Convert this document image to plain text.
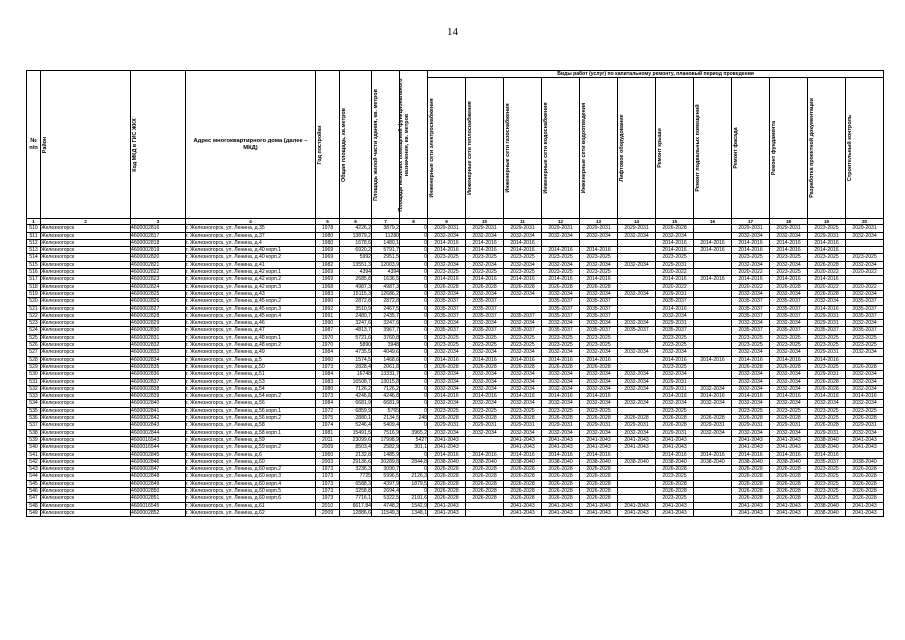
14
№ п/п	Район	Код МКД в ГИС ЖКХ	Адрес многоквартирного дома (далее – МКД)	Год постройки	Общая площадь, кв.метров	Площадь жилой части здания, кв. метров	Площадь нежилых помещений функционального назначения, кв. метров	Виды работ (услуг) по капитальному ремонту, плановый период проведения											

								Инженерные сети электроснабжения	Инженерные сети теплоснабжения	Инженерные сети газоснабжения	Инженерные сети водоснабжения	Инженерные сети водоотведения	Лифтовое оборудование	Ремонт крыши	Ремонт подвальных помещений	Ремонт фасада	Ремонт фундамента	Разработка проектной документации	Строительный контроль

1	2	3	4	5	6	7	8	9	10	11	12	13	14	15	16	17	18	19	20
510	Железногорск	4600002816	г. Железногорск, ул. Ленина, д.35	1978	4226,2	3879,2	0	2029-2031	2029-2031	2029-2031	2029-2031	2029-2031	2029-2031	2026-2028		2029-2031	2029-2031	2023-2025	2029-2031
511	Железногорск	4600002817	г. Железногорск, ул. Ленина, д.37	1980	13879,2	11280	0	2032-2034	2032-2034	2032-2034	2032-2034	2032-2034	2032-2034	2032-2034		2032-2034	2032-2034	2029-2031	2032-2034
512	Железногорск	4600002818	г. Железногорск, ул. Ленина, д.4	1980	1678,6	1480,1	0	2014-2016	2014-2016	2014-2016				2014-2016	2014-2016	2014-2016	2014-2016	2014-2016	
513	Железногорск	4600002819	г. Железногорск, ул. Ленина, д.40 корп.1	1969	6920,2	5791,7	0	2014-2016	2014-2016	2014-2016	2014-2016	2014-2016		2014-2016	2014-2016	2014-2016	2014-2016	2014-2016	
514	Железногорск	4600002820	г. Железногорск, ул. Ленина, д.40 корп.2	1969	5992	2951,5	0	2023-2025	2023-2025	2023-2025	2023-2025	2023-2025		2023-2025		2023-2025	2023-2025	2023-2025	2023-2025
515	Железногорск	4600002821	г. Железногорск, ул. Ленина, д.41	1982	13551,3	12003,9	0	2032-2034	2032-2034	2032-2034	2032-2034	2032-2034	2032-2034	2029-2031		2032-2034	2032-2034	2026-2028	2032-2034
516	Железногорск	4600002822	г. Железногорск, ул. Ленина, д.42 корп.1	1969	4394	4394	0	2023-2025	2023-2025	2023-2025	2023-2025	2023-2025		2020-2022		2020-2022	2023-2025	2020-2022	2020-2022
517	Железногорск	4600002823	г. Железногорск, ул. Ленина, д.42 корп.2	1969	2685,8	1636,5	0	2014-2016	2014-2016	2014-2016	2014-2016	2014-2016		2014-2016	2014-2016	2014-2016	2014-2016	2014-2016	
518	Железногорск	4600002824	г. Железногорск, ул. Ленина, д.42 корп.3	1968	4987,3	4987,3	0	2026-2028	2026-2028	2026-2028	2026-2028	2026-2028		2020-2022		2020-2022	2026-2028	2020-2022	2020-2022
519	Железногорск	4600002825	г. Железногорск, ул. Ленина, д.43	1983	15115,3	12686,2	0	2032-2034	2032-2034	2032-2034	2032-2034	2032-2034	2032-2034	2029-2031		2032-2034	2032-2034	2026-2028	2032-2034
520	Железногорск	4600002826	г. Железногорск, ул. Ленина, д.45 корп.2	1990	2872,8	2872,8	0	2035-2037	2035-2037		2035-2037	2035-2037		2035-2037		2035-2037	2035-2037	2032-2034	2035-2037
521	Железногорск	4600002827	г. Железногорск, ул. Ленина, д.45 корп.3	1992	3510,9	2467,5	0	2035-2037	2035-2037		2035-2037	2035-2037		2014-2016		2035-2037	2035-2037	2014-2016	2035-2037
522	Железногорск	4600002828	г. Железногорск, ул. Ленина, д.45 корп.4	1991	2480,7	2435,7	0	2035-2037	2035-2037	2035-2037	2035-2037	2035-2037		2032-2034		2035-2037	2035-2037	2029-2031	2035-2037
523	Железногорск	4600002829	г. Железногорск, ул. Ленина, д.46	1990	3247,6	3247,6	0	2032-2034	2032-2034	2032-2034	2032-2034	2032-2034	2032-2034	2029-2031		2032-2034	2032-2034	2029-2031	2032-2034
524	Железногорск	4600002830	г. Железногорск, ул. Ленина, д.47	1987	4813,7	3967,7	0	2035-2037	2035-2037	2035-2037	2035-2037	2035-2037	2035-2037	2035-2037		2035-2037	2035-2037	2035-2037	2035-2037
525	Железногорск	4600002831	г. Железногорск, ул. Ленина, д.48 корп.1	1970	5721,6	3760,8	0	2023-2025	2023-2025	2023-2025	2023-2025	2023-2025		2023-2025		2023-2025	2023-2025	2023-2025	2023-2025
526	Железногорск	4600002832	г. Железногорск, ул. Ленина, д.48 корп.2	1970	5890	3948	0	2023-2025	2023-2025	2023-2025	2023-2025	2023-2025		2023-2025		2023-2025	2023-2025	2023-2025	2023-2025
527	Железногорск	4600002833	г. Железногорск, ул. Ленина, д.49	1984	4735,5	4049,6	0	2032-2034	2032-2034	2032-2034	2032-2034	2032-2034	2032-2034	2032-2034		2032-2034	2032-2034	2029-2031	2032-2034
528	Железногорск	4600002834	г. Железногорск, ул. Ленина, д.5	1960	1574,5	1468,6	0	2014-2016	2014-2016	2014-2016	2014-2016	2014-2016		2014-2016	2014-2016	2014-2016	2014-2016	2014-2016	
529	Железногорск	4600002835	г. Железногорск, ул. Ленина, д.50	1973	2828,4	2061,8	0	2026-2028	2026-2028	2026-2028	2026-2028	2026-2028		2023-2025		2026-2028	2026-2028	2023-2025	2026-2028
530	Железногорск	4600002836	г. Железногорск, ул. Ленина, д.51	1984	16748	13331,7	0	2032-2034	2032-2034	2032-2034	2032-2034	2032-2034	2032-2034	2032-2034		2032-2034	2032-2034	2029-2031	2032-2034
531	Железногорск	4600002837	г. Железногорск, ул. Ленина, д.53	1983	16508,7	13015,8	0	2032-2034	2032-2034	2032-2034	2032-2034	2032-2034	2032-2034	2029-2031		2032-2034	2032-2034	2026-2028	2032-2034
532	Железногорск	4600002838	г. Железногорск, ул. Ленина, д.54	1980	7126,2	7126,2	0	2032-2034	2032-2034	2032-2034	2032-2034	2032-2034	2032-2034	2029-2031	2032-2034	2032-2034	2032-2034	2026-2028	2032-2034
533	Железногорск	4600002839	г. Железногорск, ул. Ленина, д.54 корп.2	1973	4246,8	4246,8	0	2014-2016	2014-2016	2014-2016	2014-2016	2014-2016		2014-2016	2014-2016	2014-2016	2014-2016	2014-2016	2014-2016
534	Железногорск	4600002840	г. Железногорск, ул. Ленина, д.56	1984	6681,9	6681,9	0	2032-2034	2032-2034	2032-2034	2032-2034	2032-2034	2032-2034	2032-2034	2032-2034	2032-2034	2032-2034	2032-2034	2032-2034
535	Железногорск	4600002841	г. Железногорск, ул. Ленина, д.56 корп.1	1972	6859,9	5765	0	2023-2025	2023-2025	2023-2025	2023-2025	2023-2025		2023-2025		2023-2025	2023-2025	2023-2025	2023-2025
536	Железногорск	4600002842	г. Железногорск, ул. Ленина, д.56 корп.2	1975	2880,1	2134,5	248	2026-2028	2026-2028	2026-2028	2026-2028	2026-2028	2026-2028	2026-2028	2026-2028	2026-2028	2026-2028	2023-2025	2026-2028
537	Железногорск	4600002843	г. Железногорск, ул. Ленина, д.58	1974	5246,4	5409,4	0	2029-2031	2029-2031	2029-2031	2029-2031	2029-2031	2029-2031	2026-2028	2029-2031	2029-2031	2029-2031	2026-2028	2029-2031
538	Железногорск	4600002844	г. Железногорск, ул. Ленина, д.58 корп.1	1981	15491,5	7516,9	3965,2	2032-2034	2032-2034	2032-2034	2032-2034	2032-2034	2032-2034	2029-2031	2032-2034	2032-2034	2032-2034	2029-2031	2032-2034
539	Железногорск	4600016543	г. Железногорск, ул. Ленина, д.59	2011	23099,6	17998,9	5427	2041-2043		2041-2043	2041-2043	2041-2043	2041-2043	2041-2043		2041-2043	2041-2043	2038-2040	2041-2043
540	Железногорск	4600016544	г. Железногорск, ул. Ленина, д.59 корп.2	2009	8503,4	2582,9	301,1	2041-2043		2041-2043	2041-2043	2041-2043	2041-2043	2041-2043		2041-2043	2041-2043	2038-2040	2041-2043
541	Железногорск	4600002845	г. Железногорск, ул. Ленина, д.6	1960	2132,8	1485,9	0	2014-2016	2014-2016	2014-2016	2014-2016	2014-2016		2014-2016	2014-2016	2014-2016	2014-2016	2014-2016	
542	Железногорск	4600002846	г. Железногорск, ул. Ленина, д.60	2003	29136,6	20289,8	2844,8	2038-2040	2038-2040	2038-2040	2038-2040	2038-2040	2038-2040	2038-2040	2038-2040	2038-2040	2038-2040	2035-2037	2038-2040
543	Железногорск	4600002847	г. Железногорск, ул. Ленина, д.60 корп.2	1973	3236,3	3090,7	0	2026-2028	2026-2028	2026-2028	2026-2028	2026-2028		2026-2028		2026-2028	2026-2028	2023-2025	2026-2028
544	Железногорск	4600002848	г. Железногорск, ул. Ленина, д.60 корп.3	1973	7725	5996,5	2126,3	2026-2028	2026-2028	2026-2028	2026-2028	2026-2028		2023-2025		2026-2028	2026-2028	2023-2025	2026-2028
545	Железногорск	4600002849	г. Железногорск, ул. Ленина, д.60 корп.4	1973	6588,3	4397,9	1879,5	2026-2028	2026-2028	2026-2028	2026-2028	2026-2028		2026-2028		2026-2028	2026-2028	2023-2025	2026-2028
546	Железногорск	4600002850	г. Железногорск, ул. Ленина, д.60 корп.5	1973	3258,8	2694,4	0	2026-2028	2026-2028	2026-2028	2026-2028	2026-2028		2026-2028		2026-2028	2026-2028	2023-2025	2026-2028
547	Железногорск	4600002851	г. Железногорск, ул. Ленина, д.60 корп.6	1973	7716,1	5322,5	2191,6	2026-2028	2026-2028	2026-2028	2026-2028	2026-2028		2023-2025		2026-2028	2026-2028	2023-2025	2026-2028
548	Железногорск	4600016545	г. Железногорск, ул. Ленина, д.61	2010	6617,84	4748,2	1542,9	2041-2043		2041-2043	2041-2043	2041-2043	2041-2043	2041-2043		2041-2043	2041-2043	2038-2040	2041-2043
549	Железногорск	4600002852	г. Железногорск, ул. Ленина, д.62	2009	12886,6	11549,3	1348,1	2041-2043		2041-2043	2041-2043	2041-2043	2041-2043	2041-2043		2041-2043	2041-2043	2038-2040	2041-2043
